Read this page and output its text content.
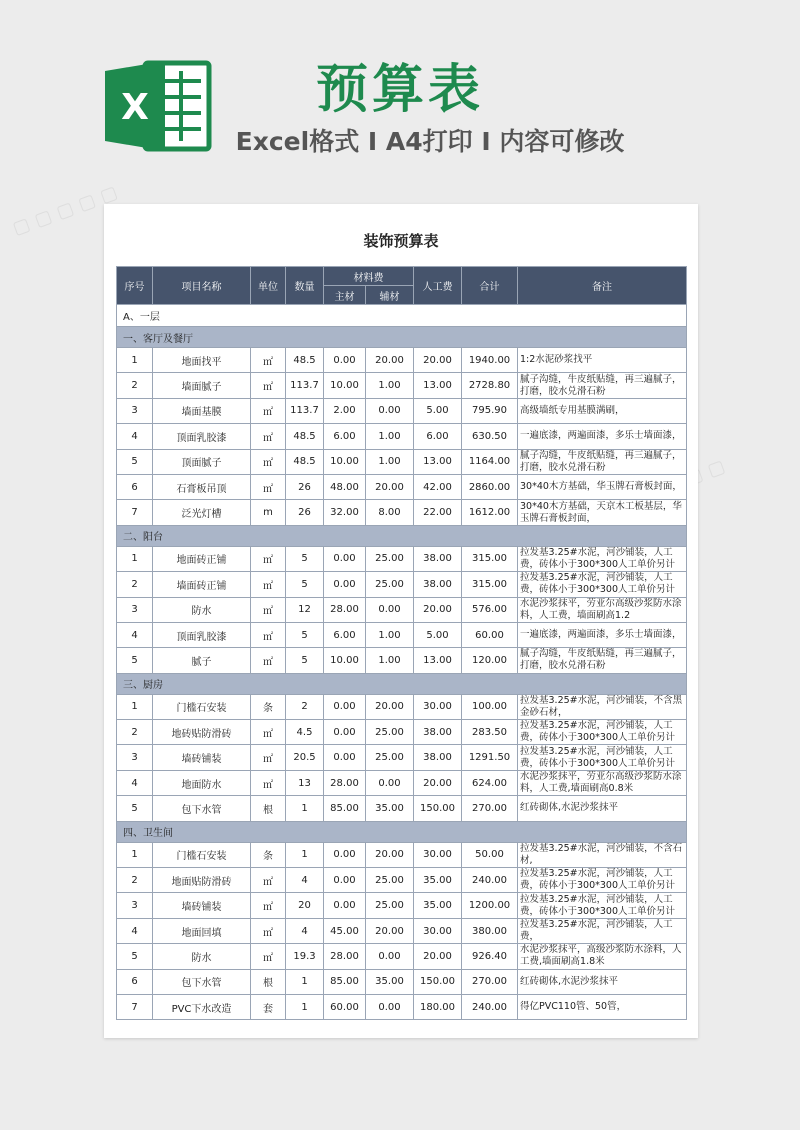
X	预算表
Excel格式 I A4打印 I 内容可修改
▢ ▢ ▢ ▢ ▢
▢
装饰预算表
序号	项目名称	单位	数量	材料费		人工费	合计	备注
				主材	辅材			
A、一层								
一、客厅及餐厅								
1	地面找平	㎡	48.5	0.00	20.00	20.00	1940.00	1:2水泥砂浆找平
2	墙面腻子	㎡	113.7	10.00	1.00	13.00	2728.80	腻子沟缝，牛皮纸贴缝，再三遍腻子，打磨，胶水兑滑石粉
3	墙面基膜	㎡	113.7	2.00	0.00	5.00	795.90	高级墙纸专用基膜满刷，
4	顶面乳胶漆	㎡	48.5	6.00	1.00	6.00	630.50	一遍底漆，两遍面漆，多乐士墙面漆，
5	顶面腻子	㎡	48.5	10.00	1.00	13.00	1164.00	腻子沟缝，牛皮纸贴缝，再三遍腻子，打磨，胶水兑滑石粉
6	石膏板吊顶	㎡	26	48.00	20.00	42.00	2860.00	30*40木方基础，华玉牌石膏板封面，
7	泛光灯槽	m	26	32.00	8.00	22.00	1612.00	30*40木方基础，天京木工板基层，华玉牌石膏板封面，
二、阳台								
1	地面砖正铺	㎡	5	0.00	25.00	38.00	315.00	拉发基3.25#水泥，河沙铺装，人工费，砖体小于300*300人工单价另计
2	墙面砖正铺	㎡	5	0.00	25.00	38.00	315.00	拉发基3.25#水泥，河沙铺装，人工费，砖体小于300*300人工单价另计
3	防水	㎡	12	28.00	0.00	20.00	576.00	水泥沙浆抹平，劳亚尔高级沙浆防水涂料，人工费，墙面刷高1.2
4	顶面乳胶漆	㎡	5	6.00	1.00	5.00	60.00	一遍底漆，两遍面漆，多乐士墙面漆，
5	腻子	㎡	5	10.00	1.00	13.00	120.00	腻子沟缝，牛皮纸贴缝，再三遍腻子，打磨，胶水兑滑石粉
三、厨房								
1	门槛石安装	条	2	0.00	20.00	30.00	100.00	拉发基3.25#水泥，河沙铺装，不含黑金砂石材，
2	地砖贴防滑砖	㎡	4.5	0.00	25.00	38.00	283.50	拉发基3.25#水泥，河沙铺装，人工费，砖体小于300*300人工单价另计
3	墙砖铺装	㎡	20.5	0.00	25.00	38.00	1291.50	拉发基3.25#水泥，河沙铺装，人工费，砖体小于300*300人工单价另计
4	地面防水	㎡	13	28.00	0.00	20.00	624.00	水泥沙浆抹平，劳亚尔高级沙浆防水涂料，人工费,墙面刷高0.8米
5	包下水管	根	1	85.00	35.00	150.00	270.00	红砖砌体,水泥沙浆抹平
四、卫生间								
1	门槛石安装	条	1	0.00	20.00	30.00	50.00	拉发基3.25#水泥，河沙铺装，不含石材,
2	地面贴防滑砖	㎡	4	0.00	25.00	35.00	240.00	拉发基3.25#水泥，河沙铺装，人工费，砖体小于300*300人工单价另计
3	墙砖铺装	㎡	20	0.00	25.00	35.00	1200.00	拉发基3.25#水泥，河沙铺装，人工费，砖体小于300*300人工单价另计
4	地面回填	㎡	4	45.00	20.00	30.00	380.00	拉发基3.25#水泥，河沙铺装，人工费，
5	防水	㎡	19.3	28.00	0.00	20.00	926.40	水泥沙浆抹平，高级沙浆防水涂料，人工费,墙面刷高1.8米
6	包下水管	根	1	85.00	35.00	150.00	270.00	红砖砌体,水泥沙浆抹平
7	PVC下水改造	套	1	60.00	0.00	180.00	240.00	得亿PVC110管、50管，
